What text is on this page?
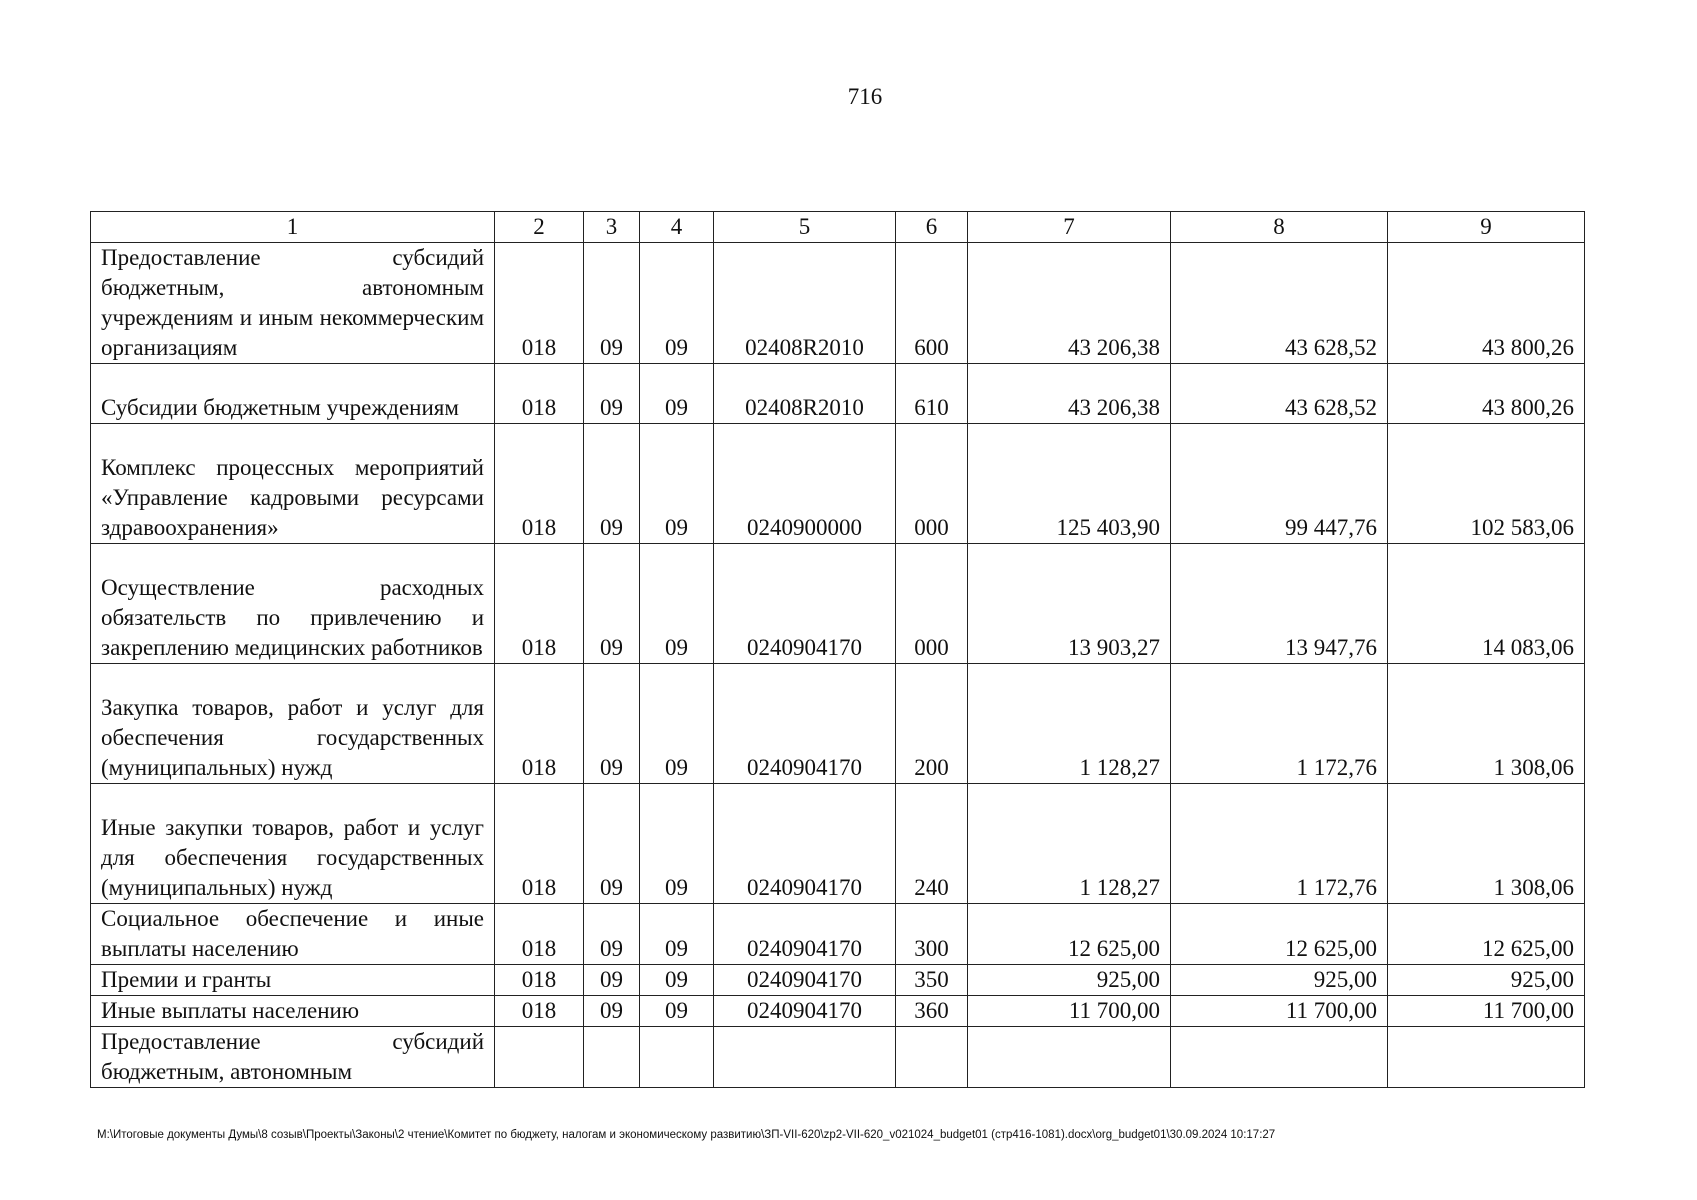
716
1	2	3	4	5	6	7	8	9
Предоставление субсидий бюджетным, автономным учреждениям и иным некоммерческим организациям	018	09	09	02408R2010	600	43 206,38	43 628,52	43 800,26
Субсидии бюджетным учреждениям	018	09	09	02408R2010	610	43 206,38	43 628,52	43 800,26
Комплекс процессных мероприятий «Управление кадровыми ресурсами здравоохранения»	018	09	09	0240900000	000	125 403,90	99 447,76	102 583,06
Осуществление расходных обязательств по привлечению и закреплению медицинских работников	018	09	09	0240904170	000	13 903,27	13 947,76	14 083,06
Закупка товаров, работ и услуг для обеспечения государственных (муниципальных) нужд	018	09	09	0240904170	200	1 128,27	1 172,76	1 308,06
Иные закупки товаров, работ и услуг для обеспечения государственных (муниципальных) нужд	018	09	09	0240904170	240	1 128,27	1 172,76	1 308,06
Социальное обеспечение и иные выплаты населению	018	09	09	0240904170	300	12 625,00	12 625,00	12 625,00
Премии и гранты	018	09	09	0240904170	350	925,00	925,00	925,00
Иные выплаты населению	018	09	09	0240904170	360	11 700,00	11 700,00	11 700,00
Предоставление субсидий бюджетным, автономным								
M:\Итоговые документы Думы\8 созыв\Проекты\Законы\2 чтение\Комитет по бюджету, налогам и экономическому развитию\ЗП-VII-620\zp2-VII-620_v021024_budget01 (стр416-1081).docx\org_budget01\30.09.2024 10:17:27
